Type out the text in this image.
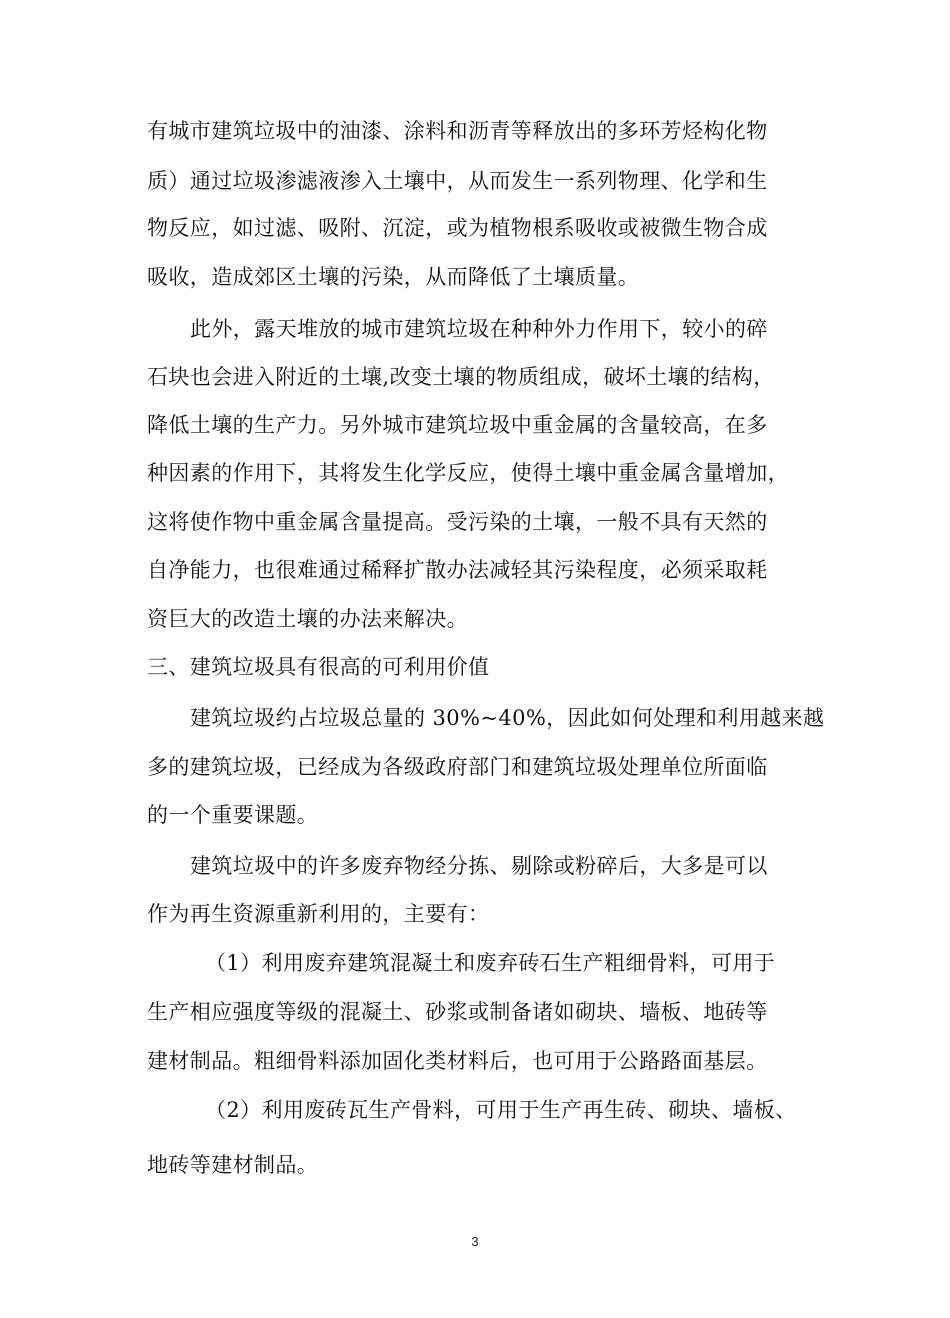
有城市建筑垃圾中的油漆、涂料和沥青等释放出的多环芳烃构化物
质）通过垃圾渗滤液渗入土壤中，从而发生一系列物理、化学和生
物反应，如过滤、吸附、沉淀，或为植物根系吸收或被微生物合成
吸收，造成郊区土壤的污染，从而降低了土壤质量。
此外，露天堆放的城市建筑垃圾在种种外力作用下，较小的碎
石块也会进入附近的土壤,改变土壤的物质组成，破坏土壤的结构，
降低土壤的生产力。另外城市建筑垃圾中重金属的含量较高，在多
种因素的作用下，其将发生化学反应，使得土壤中重金属含量增加，
这将使作物中重金属含量提高。受污染的土壤，一般不具有天然的
自净能力，也很难通过稀释扩散办法减轻其污染程度，必须采取耗
资巨大的改造土壤的办法来解决。
三、建筑垃圾具有很高的可利用价值
建筑垃圾约占垃圾总量的 30%~40%，因此如何处理和利用越来越
多的建筑垃圾，已经成为各级政府部门和建筑垃圾处理单位所面临
的一个重要课题。
建筑垃圾中的许多废弃物经分拣、剔除或粉碎后，大多是可以
作为再生资源重新利用的，主要有：
（1）利用废弃建筑混凝土和废弃砖石生产粗细骨料，可用于
生产相应强度等级的混凝土、砂浆或制备诸如砌块、墙板、地砖等
建材制品。粗细骨料添加固化类材料后，也可用于公路路面基层。
（2）利用废砖瓦生产骨料，可用于生产再生砖、砌块、墙板、
地砖等建材制品。
3
